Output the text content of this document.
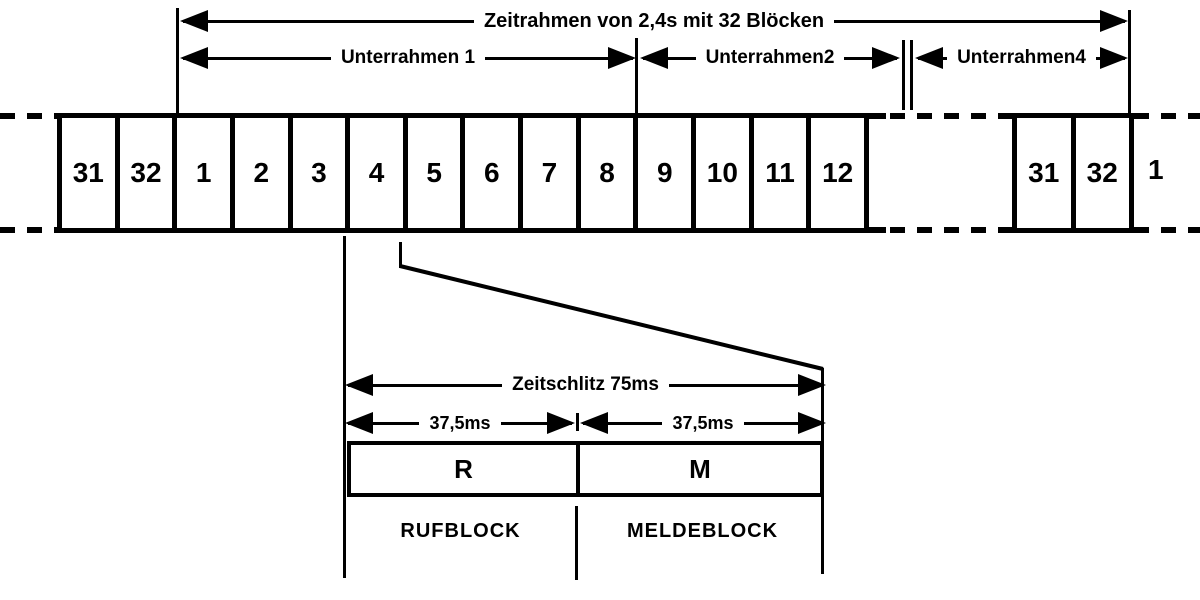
Zeitrahmen von 2,4s mit 32 Blöcken
Unterrahmen 1	Unterrahmen2	Unterrahmen4
31 32	1	2	3	4	5	6	7	8	9	10 11 12	31 32	1
Zeitschlitz 75ms
37,5ms	37,5ms
R	M
RUFBLOCK	MELDEBLOCK
